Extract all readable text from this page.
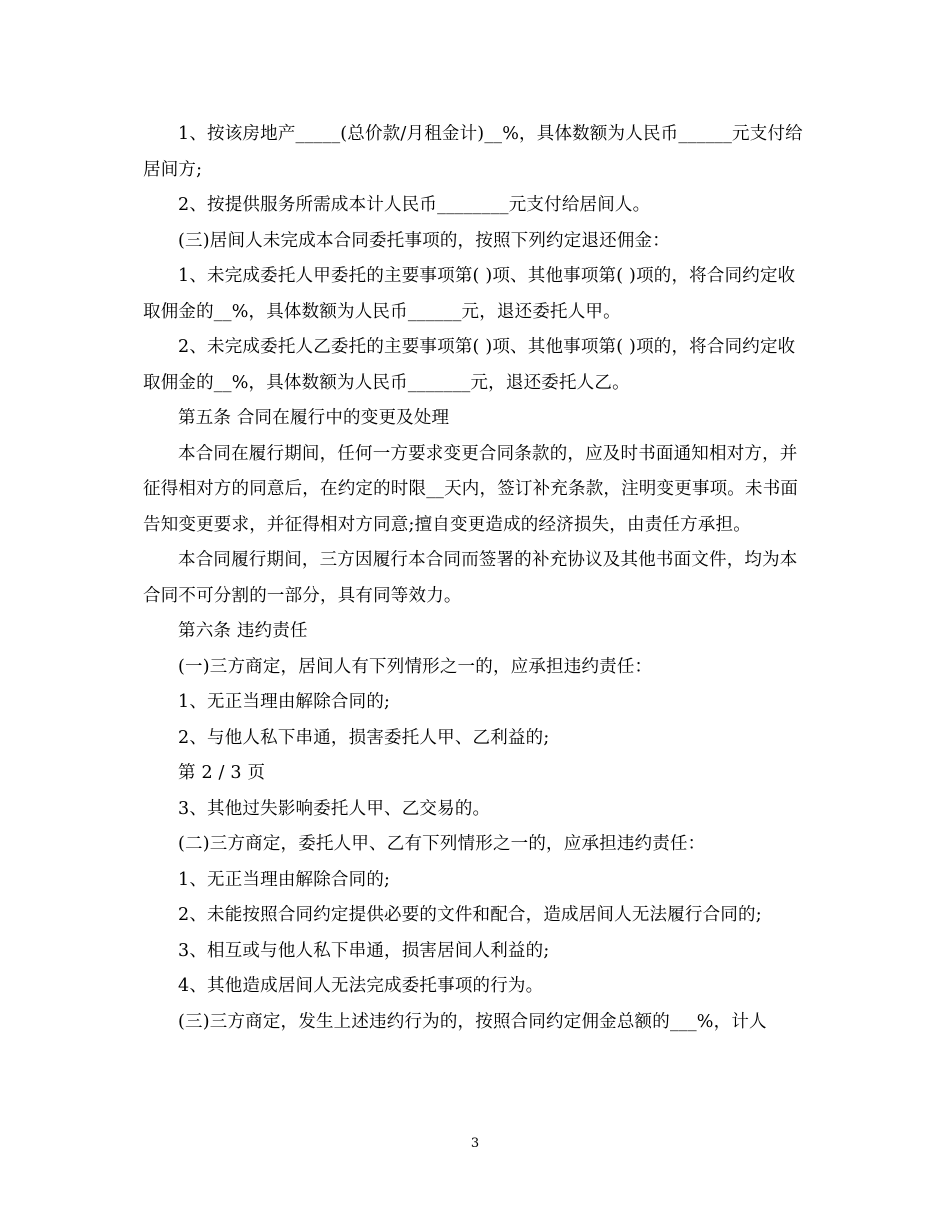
1、按该房地产_____(总价款/月租金计)__%，具体数额为人民币______元支付给居间方;

2、按提供服务所需成本计人民币________元支付给居间人。

(三)居间人未完成本合同委托事项的，按照下列约定退还佣金：

1、未完成委托人甲委托的主要事项第( )项、其他事项第( )项的，将合同约定收取佣金的__%，具体数额为人民币______元，退还委托人甲。

2、未完成委托人乙委托的主要事项第( )项、其他事项第( )项的，将合同约定收取佣金的__%，具体数额为人民币_______元，退还委托人乙。

第五条 合同在履行中的变更及处理

本合同在履行期间，任何一方要求变更合同条款的，应及时书面通知相对方，并征得相对方的同意后，在约定的时限__天内，签订补充条款，注明变更事项。未书面告知变更要求，并征得相对方同意;擅自变更造成的经济损失，由责任方承担。

本合同履行期间，三方因履行本合同而签署的补充协议及其他书面文件，均为本合同不可分割的一部分，具有同等效力。

第六条 违约责任

(一)三方商定，居间人有下列情形之一的，应承担违约责任：

1、无正当理由解除合同的;

2、与他人私下串通，损害委托人甲、乙利益的;

第 2 / 3 页

3、其他过失影响委托人甲、乙交易的。

(二)三方商定，委托人甲、乙有下列情形之一的，应承担违约责任：

1、无正当理由解除合同的;

2、未能按照合同约定提供必要的文件和配合，造成居间人无法履行合同的;

3、相互或与他人私下串通，损害居间人利益的;

4、其他造成居间人无法完成委托事项的行为。

(三)三方商定，发生上述违约行为的，按照合同约定佣金总额的___%，计人

3
